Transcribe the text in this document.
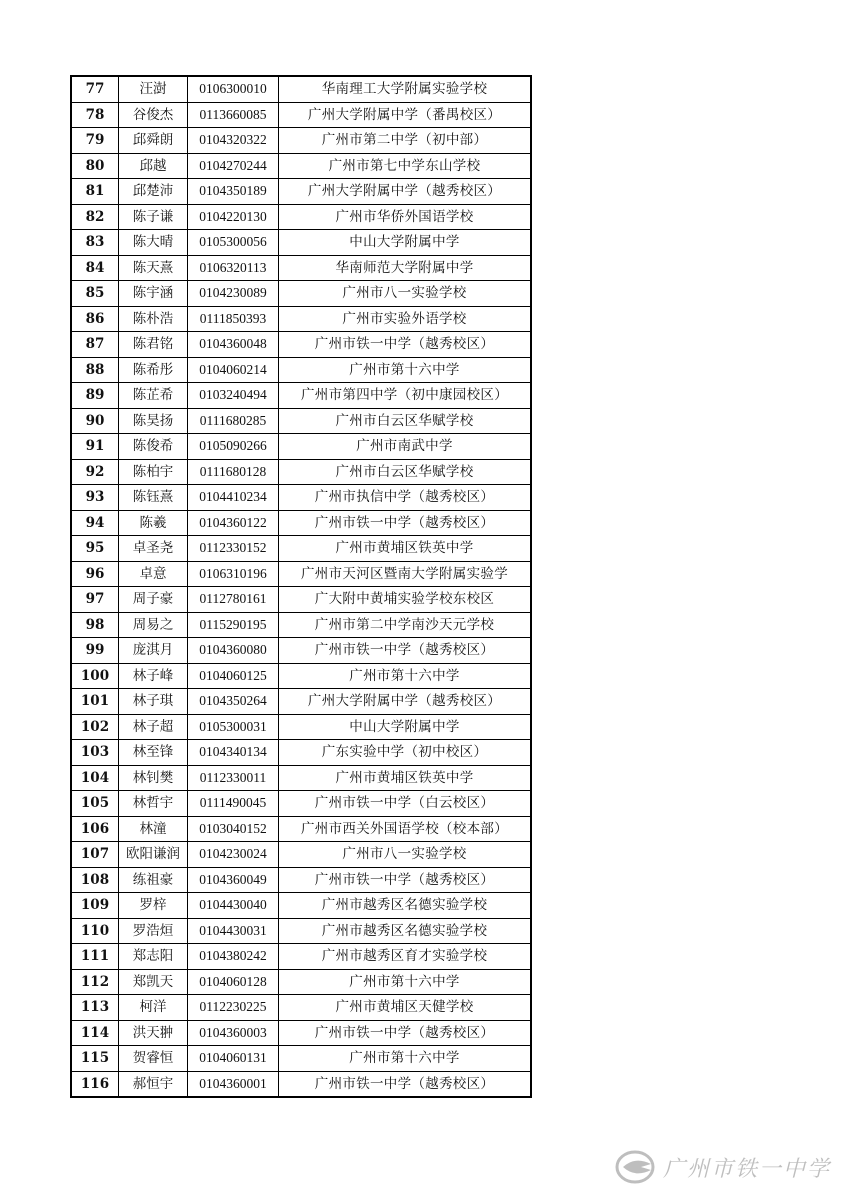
77	汪澍	0106300010	华南理工大学附属实验学校
78	谷俊杰	0113660085	广州大学附属中学（番禺校区）
79	邱舜朗	0104320322	广州市第二中学（初中部）
80	邱越	0104270244	广州市第七中学东山学校
81	邱楚沛	0104350189	广州大学附属中学（越秀校区）
82	陈子谦	0104220130	广州市华侨外国语学校
83	陈大晴	0105300056	中山大学附属中学
84	陈天熹	0106320113	华南师范大学附属中学
85	陈宇涵	0104230089	广州市八一实验学校
86	陈朴浩	0111850393	广州市实验外语学校
87	陈君铭	0104360048	广州市铁一中学（越秀校区）
88	陈希彤	0104060214	广州市第十六中学
89	陈芷希	0103240494	广州市第四中学（初中康园校区）
90	陈昊扬	0111680285	广州市白云区华赋学校
91	陈俊希	0105090266	广州市南武中学
92	陈柏宇	0111680128	广州市白云区华赋学校
93	陈钰熹	0104410234	广州市执信中学（越秀校区）
94	陈羲	0104360122	广州市铁一中学（越秀校区）
95	卓圣尧	0112330152	广州市黄埔区铁英中学
96	卓意	0106310196	广州市天河区暨南大学附属实验学
97	周子豪	0112780161	广大附中黄埔实验学校东校区
98	周易之	0115290195	广州市第二中学南沙天元学校
99	庞淇月	0104360080	广州市铁一中学（越秀校区）
100	林子峰	0104060125	广州市第十六中学
101	林子琪	0104350264	广州大学附属中学（越秀校区）
102	林子超	0105300031	中山大学附属中学
103	林至锋	0104340134	广东实验中学（初中校区）
104	林钊樊	0112330011	广州市黄埔区铁英中学
105	林哲宇	0111490045	广州市铁一中学（白云校区）
106	林潼	0103040152	广州市西关外国语学校（校本部）
107	欧阳谦润	0104230024	广州市八一实验学校
108	练祖豪	0104360049	广州市铁一中学（越秀校区）
109	罗梓	0104430040	广州市越秀区名德实验学校
110	罗浩烜	0104430031	广州市越秀区名德实验学校
111	郑志阳	0104380242	广州市越秀区育才实验学校
112	郑凯天	0104060128	广州市第十六中学
113	柯洋	0112230225	广州市黄埔区天健学校
114	洪天翀	0104360003	广州市铁一中学（越秀校区）
115	贺睿恒	0104060131	广州市第十六中学
116	郝恒宇	0104360001	广州市铁一中学（越秀校区）
广州市铁一中学
